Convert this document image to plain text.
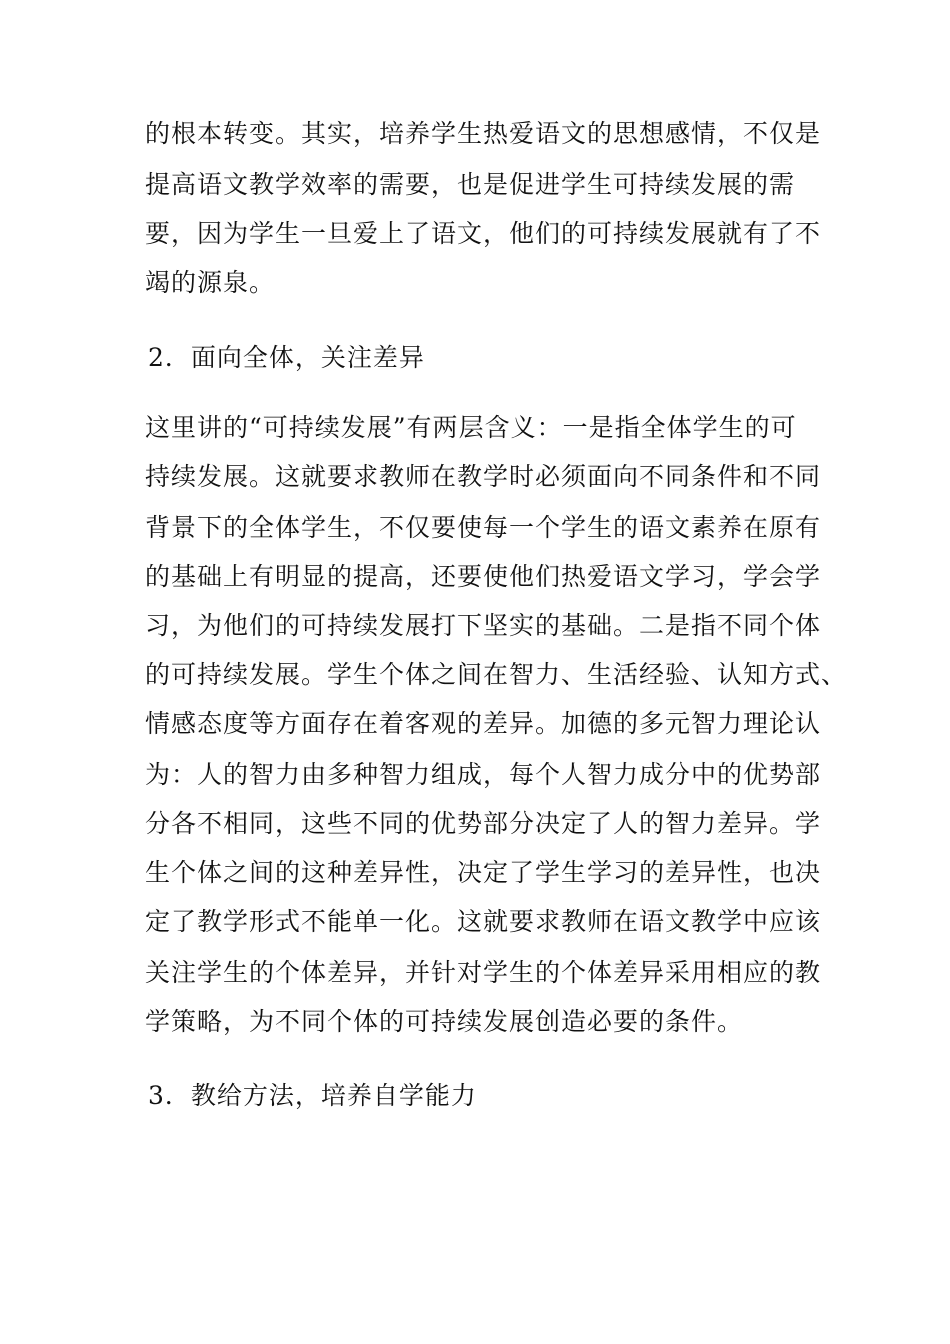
的根本转变。其实，培养学生热爱语文的思想感情，不仅是
提高语文教学效率的需要，也是促进学生可持续发展的需
要，因为学生一旦爱上了语文，他们的可持续发展就有了不
竭的源泉。
2．面向全体，关注差异
这里讲的“可持续发展”有两层含义：一是指全体学生的可
持续发展。这就要求教师在教学时必须面向不同条件和不同
背景下的全体学生，不仅要使每一个学生的语文素养在原有
的基础上有明显的提高，还要使他们热爱语文学习，学会学
习，为他们的可持续发展打下坚实的基础。二是指不同个体
的可持续发展。学生个体之间在智力、生活经验、认知方式、
情感态度等方面存在着客观的差异。加德的多元智力理论认
为：人的智力由多种智力组成，每个人智力成分中的优势部
分各不相同，这些不同的优势部分决定了人的智力差异。学
生个体之间的这种差异性，决定了学生学习的差异性，也决
定了教学形式不能单一化。这就要求教师在语文教学中应该
关注学生的个体差异，并针对学生的个体差异采用相应的教
学策略，为不同个体的可持续发展创造必要的条件。
3．教给方法，培养自学能力
